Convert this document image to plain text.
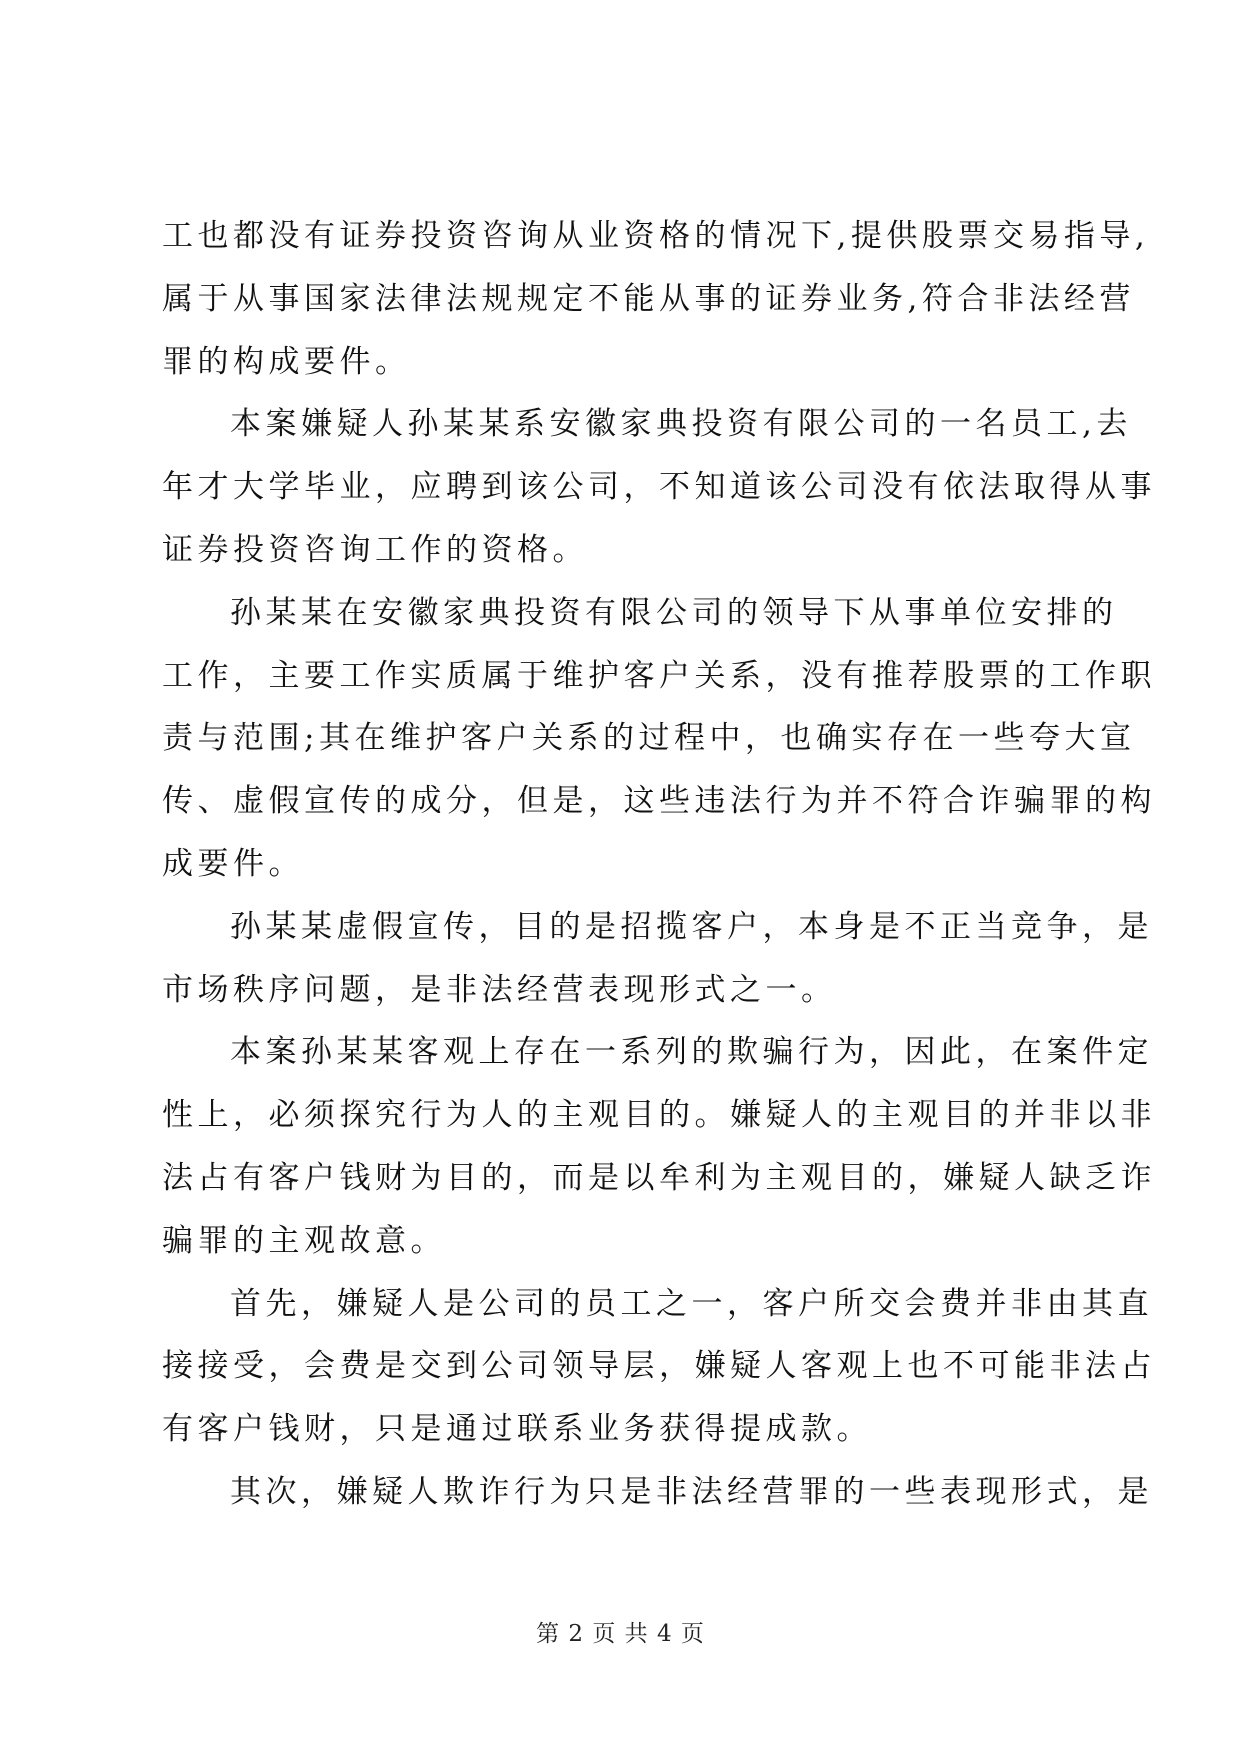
工也都没有证券投资咨询从业资格的情况下,提供股票交易指导,
属于从事国家法律法规规定不能从事的证券业务,符合非法经营
罪的构成要件。
本案嫌疑人孙某某系安徽家典投资有限公司的一名员工,去
年才大学毕业，应聘到该公司，不知道该公司没有依法取得从事
证券投资咨询工作的资格。
孙某某在安徽家典投资有限公司的领导下从事单位安排的
工作，主要工作实质属于维护客户关系，没有推荐股票的工作职
责与范围;其在维护客户关系的过程中，也确实存在一些夸大宣
传、虚假宣传的成分，但是，这些违法行为并不符合诈骗罪的构
成要件。
孙某某虚假宣传，目的是招揽客户，本身是不正当竞争，是
市场秩序问题，是非法经营表现形式之一。
本案孙某某客观上存在一系列的欺骗行为，因此，在案件定
性上，必须探究行为人的主观目的。嫌疑人的主观目的并非以非
法占有客户钱财为目的，而是以牟利为主观目的，嫌疑人缺乏诈
骗罪的主观故意。
首先，嫌疑人是公司的员工之一，客户所交会费并非由其直
接接受，会费是交到公司领导层，嫌疑人客观上也不可能非法占
有客户钱财，只是通过联系业务获得提成款。
其次，嫌疑人欺诈行为只是非法经营罪的一些表现形式，是
第 2 页 共 4 页
